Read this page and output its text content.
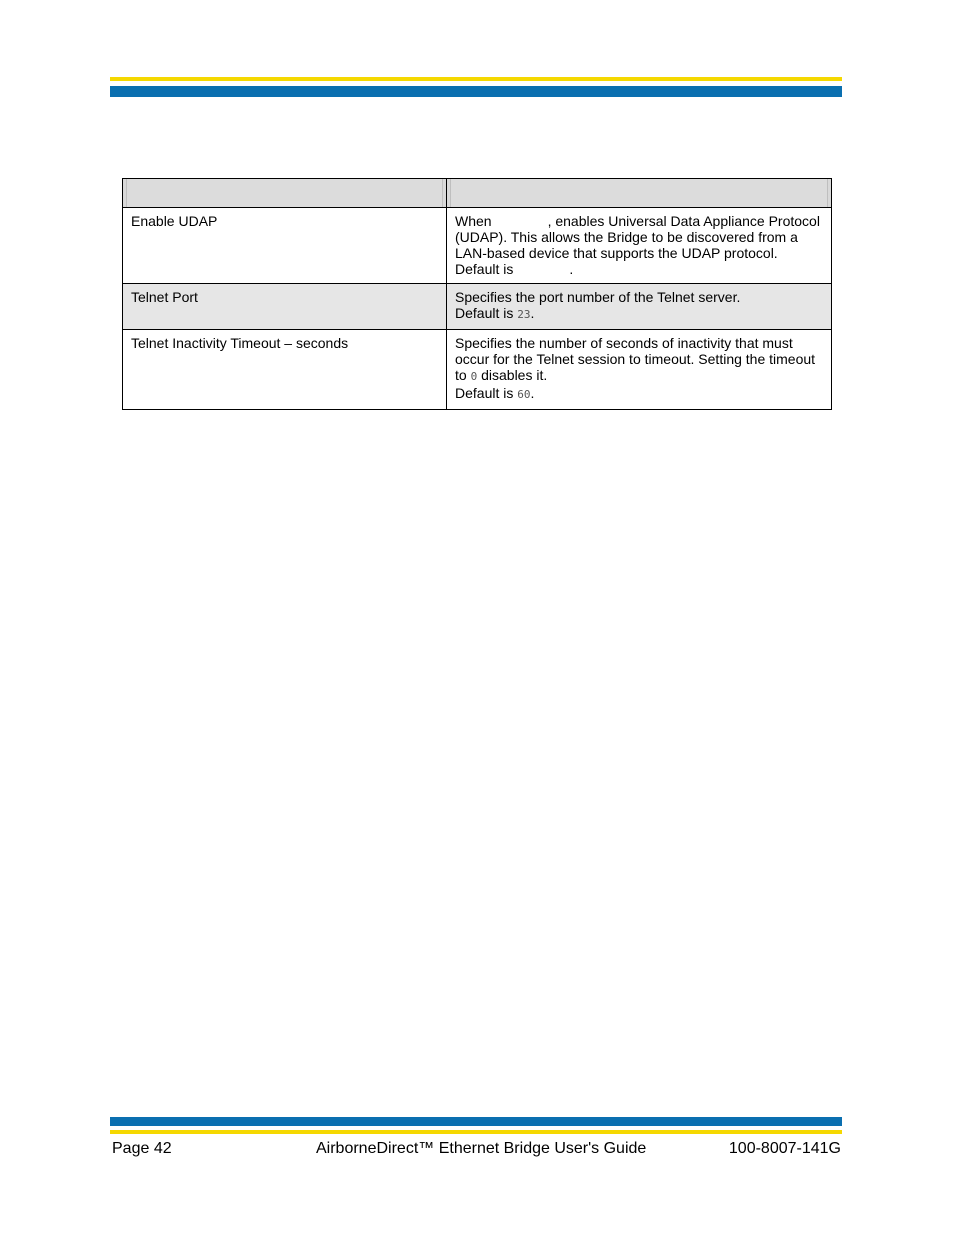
Enable UDAP	When , enables Universal Data Appliance Protocol (UDAP). This allows the Bridge to be discovered from a LAN-based device that supports the UDAP protocol.
Default is .
Telnet Port	Specifies the port number of the Telnet server.
Default is 23.
Telnet Inactivity Timeout – seconds	Specifies the number of seconds of inactivity that must occur for the Telnet session to timeout. Setting the timeout to 0 disables it.
Default is 60.
Page 42	AirborneDirect™ Ethernet Bridge User's Guide	100-8007-141G
